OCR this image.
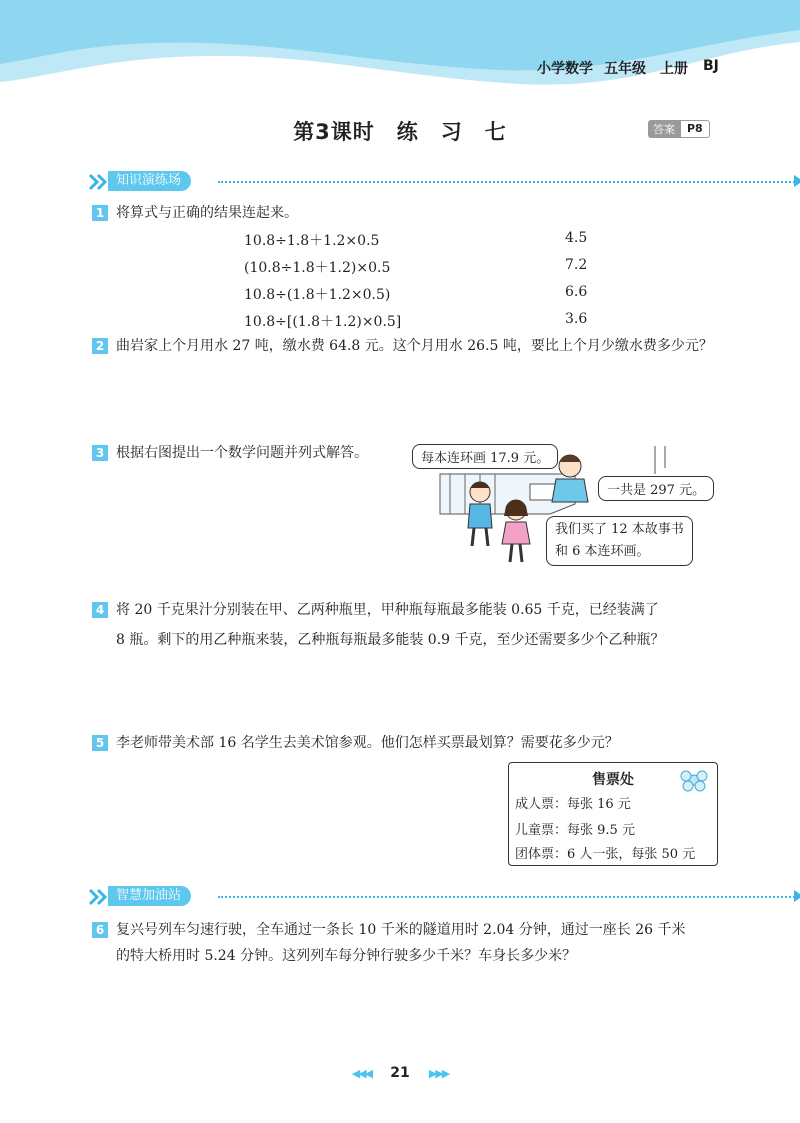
小学数学 五年级 上册 BJ
第3课时　练　习　七	答案	P8
知识演练场
1 将算式与正确的结果连起来。
10.8÷1.8＋1.2×0.5
(10.8÷1.8＋1.2)×0.5
10.8÷(1.8＋1.2×0.5)
10.8÷[(1.8＋1.2)×0.5]
4.5
7.2
6.6
3.6
2 曲岩家上个月用水 27 吨，缴水费 64.8 元。这个月用水 26.5 吨，要比上个月少缴水费多少元？
3 根据右图提出一个数学问题并列式解答。	每本连环画 17.9 元。
一共是 297 元。
我们买了 12 本故事书
和 6 本连环画。
4 将 20 千克果汁分别装在甲、乙两种瓶里，甲种瓶每瓶最多能装 0.65 千克，已经装满了
8 瓶。剩下的用乙种瓶来装，乙种瓶每瓶最多能装 0.9 千克，至少还需要多少个乙种瓶？
5 李老师带美术部 16 名学生去美术馆参观。他们怎样买票最划算？需要花多少元？
售票处
成人票：每张 16 元
儿童票：每张 9.5 元
团体票：6 人一张，每张 50 元
智慧加油站
6 复兴号列车匀速行驶，全车通过一条长 10 千米的隧道用时 2.04 分钟，通过一座长 26 千米
的特大桥用时 5.24 分钟。这列列车每分钟行驶多少千米？车身长多少米？
◀◀◀ 21 ▶▶▶
